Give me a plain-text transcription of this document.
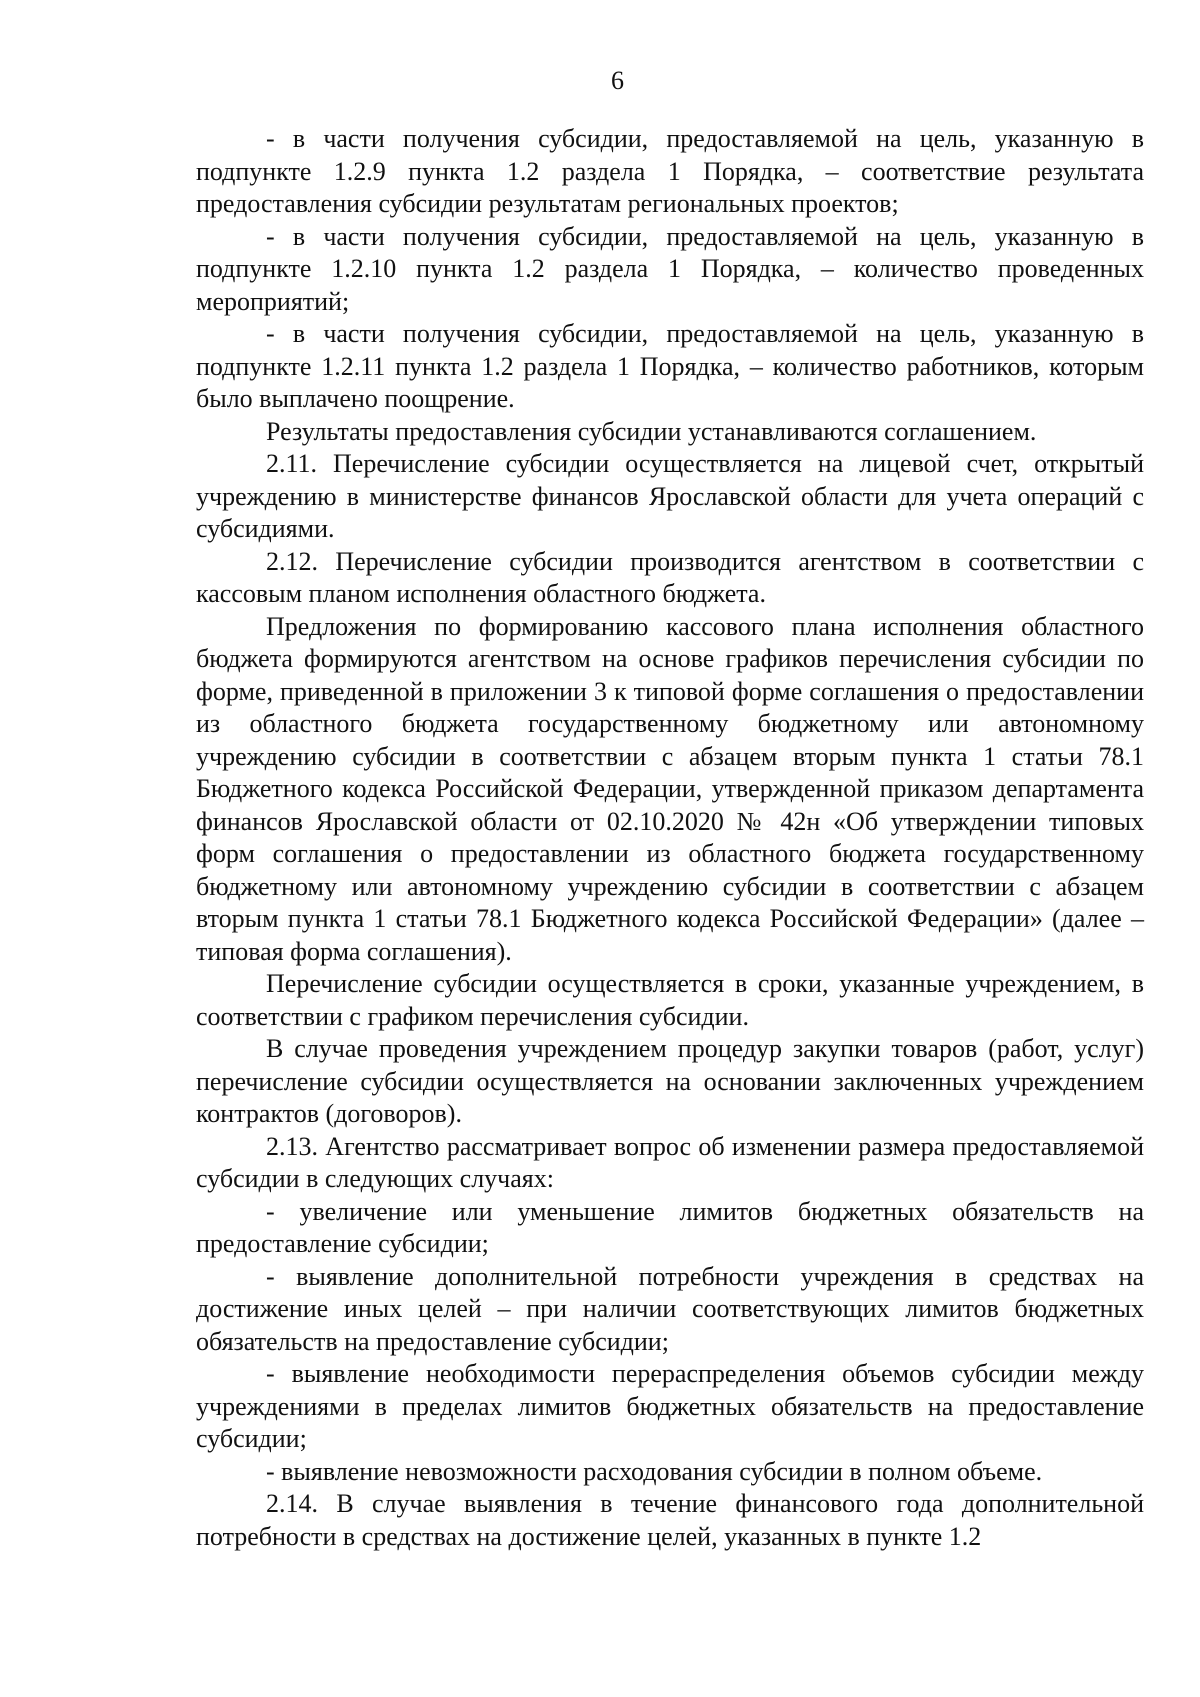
6

- в части получения субсидии, предоставляемой на цель, указанную в подпункте 1.2.9 пункта 1.2 раздела 1 Порядка, – соответствие результата предоставления субсидии результатам региональных проектов;

- в части получения субсидии, предоставляемой на цель, указанную в подпункте 1.2.10 пункта 1.2 раздела 1 Порядка, – количество проведенных мероприятий;

- в части получения субсидии, предоставляемой на цель, указанную в подпункте 1.2.11 пункта 1.2 раздела 1 Порядка, – количество работников, которым было выплачено поощрение.

Результаты предоставления субсидии устанавливаются соглашением.

2.11. Перечисление субсидии осуществляется на лицевой счет, открытый учреждению в министерстве финансов Ярославской области для учета операций с субсидиями.

2.12. Перечисление субсидии производится агентством в соответствии с кассовым планом исполнения областного бюджета.

Предложения по формированию кассового плана исполнения областного бюджета формируются агентством на основе графиков перечисления субсидии по форме, приведенной в приложении 3 к типовой форме соглашения о предоставлении из областного бюджета государственному бюджетному или автономному учреждению субсидии в соответствии с абзацем вторым пункта 1 статьи 78.1 Бюджетного кодекса Российской Федерации, утвержденной приказом департамента финансов Ярославской области от 02.10.2020 № 42н «Об утверждении типовых форм соглашения о предоставлении из областного бюджета государственному бюджетному или автономному учреждению субсидии в соответствии с абзацем вторым пункта 1 статьи 78.1 Бюджетного кодекса Российской Федерации» (далее – типовая форма соглашения).

Перечисление субсидии осуществляется в сроки, указанные учреждением, в соответствии с графиком перечисления субсидии.

В случае проведения учреждением процедур закупки товаров (работ, услуг) перечисление субсидии осуществляется на основании заключенных учреждением контрактов (договоров).

2.13. Агентство рассматривает вопрос об изменении размера предоставляемой субсидии в следующих случаях:

- увеличение или уменьшение лимитов бюджетных обязательств на предоставление субсидии;

- выявление дополнительной потребности учреждения в средствах на достижение иных целей – при наличии соответствующих лимитов бюджетных обязательств на предоставление субсидии;

- выявление необходимости перераспределения объемов субсидии между учреждениями в пределах лимитов бюджетных обязательств на предоставление субсидии;

- выявление невозможности расходования субсидии в полном объеме.

2.14. В случае выявления в течение финансового года дополнительной потребности в средствах на достижение целей, указанных в пункте 1.2
